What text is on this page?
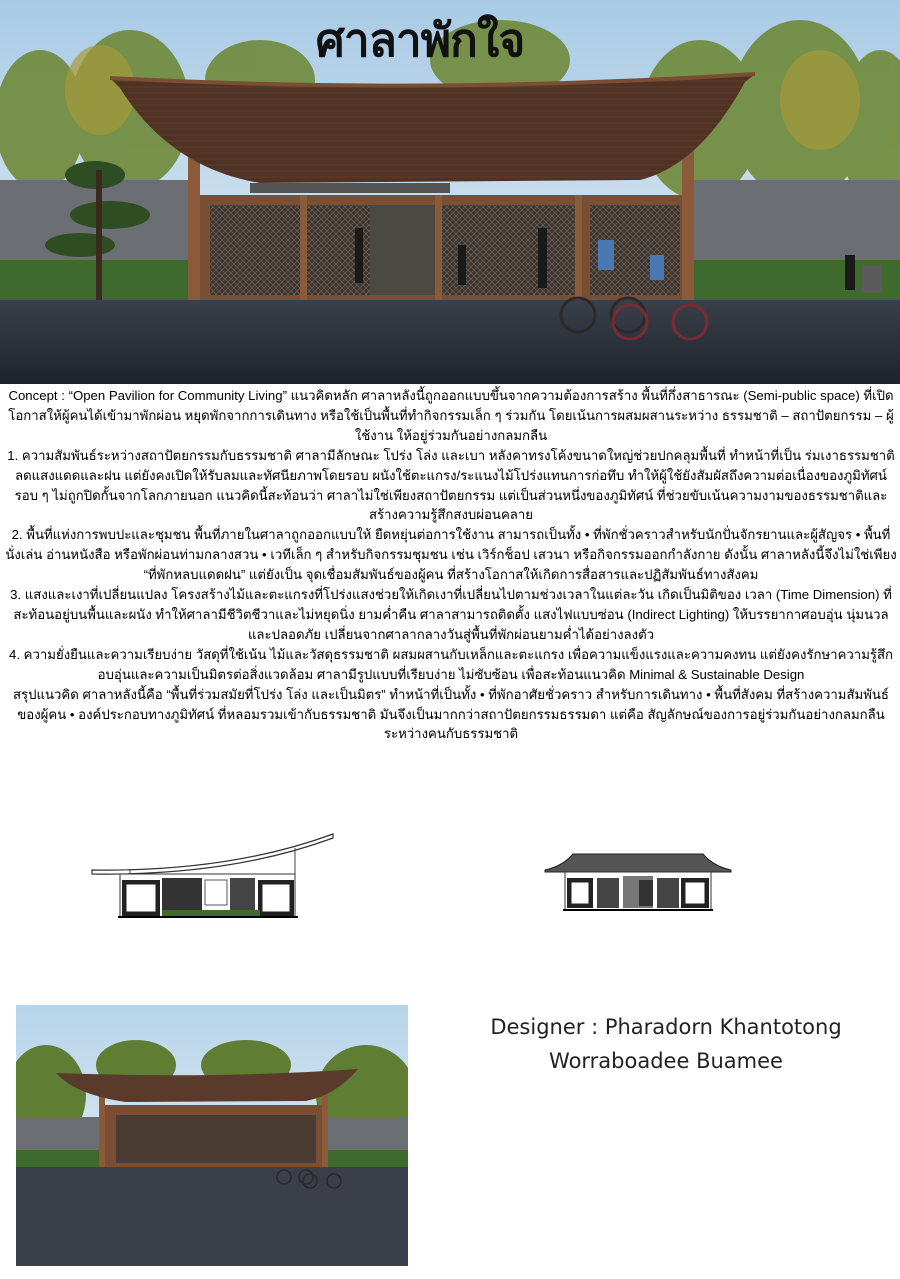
ศาลาพักใจ

Concept : “Open Pavilion for Community Living” แนวคิดหลัก ศาลาหลังนี้ถูกออกแบบขึ้นจากความต้องการสร้าง พื้นที่กึ่งสาธารณะ (Semi-public space) ที่เปิดโอกาสให้ผู้คนได้เข้ามาพักผ่อน หยุดพักจากการเดินทาง หรือใช้เป็นพื้นที่ทำกิจกรรมเล็ก ๆ ร่วมกัน โดยเน้นการผสมผสานระหว่าง ธรรมชาติ – สถาปัตยกรรม – ผู้ใช้งาน ให้อยู่ร่วมกันอย่างกลมกลืน

1. ความสัมพันธ์ระหว่างสถาปัตยกรรมกับธรรมชาติ ศาลามีลักษณะ โปร่ง โล่ง และเบา หลังคาทรงโค้งขนาดใหญ่ช่วยปกคลุมพื้นที่ ทำหน้าที่เป็น ร่มเงาธรรมชาติ ลดแสงแดดและฝน แต่ยังคงเปิดให้รับลมและทัศนียภาพโดยรอบ ผนังใช้ตะแกรง/ระแนงไม้โปร่งแทนการก่อทึบ ทำให้ผู้ใช้ยังสัมผัสถึงความต่อเนื่องของภูมิทัศน์รอบ ๆ ไม่ถูกปิดกั้นจากโลกภายนอก แนวคิดนี้สะท้อนว่า ศาลาไม่ใช่เพียงสถาปัตยกรรม แต่เป็นส่วนหนึ่งของภูมิทัศน์ ที่ช่วยขับเน้นความงามของธรรมชาติและสร้างความรู้สึกสงบผ่อนคลาย

2. พื้นที่แห่งการพบปะและชุมชน พื้นที่ภายในศาลาถูกออกแบบให้ ยืดหยุ่นต่อการใช้งาน สามารถเป็นทั้ง • ที่พักชั่วคราวสำหรับนักปั่นจักรยานและผู้สัญจร • พื้นที่นั่งเล่น อ่านหนังสือ หรือพักผ่อนท่ามกลางสวน • เวทีเล็ก ๆ สำหรับกิจกรรมชุมชน เช่น เวิร์กช็อป เสวนา หรือกิจกรรมออกกำลังกาย ดังนั้น ศาลาหลังนี้จึงไม่ใช่เพียง “ที่พักหลบแดดฝน” แต่ยังเป็น จุดเชื่อมสัมพันธ์ของผู้คน ที่สร้างโอกาสให้เกิดการสื่อสารและปฏิสัมพันธ์ทางสังคม

3. แสงและเงาที่เปลี่ยนแปลง โครงสร้างไม้และตะแกรงที่โปร่งแสงช่วยให้เกิดเงาที่เปลี่ยนไปตามช่วงเวลาในแต่ละวัน เกิดเป็นมิติของ เวลา (Time Dimension) ที่สะท้อนอยู่บนพื้นและผนัง ทำให้ศาลามีชีวิตชีวาและไม่หยุดนิ่ง ยามค่ำคืน ศาลาสามารถติดตั้ง แสงไฟแบบซ่อน (Indirect Lighting) ให้บรรยากาศอบอุ่น นุ่มนวล และปลอดภัย เปลี่ยนจากศาลากลางวันสู่พื้นที่พักผ่อนยามค่ำได้อย่างลงตัว

4. ความยั่งยืนและความเรียบง่าย วัสดุที่ใช้เน้น ไม้และวัสดุธรรมชาติ ผสมผสานกับเหล็กและตะแกรง เพื่อความแข็งแรงและความคงทน แต่ยังคงรักษาความรู้สึกอบอุ่นและความเป็นมิตรต่อสิ่งแวดล้อม ศาลามีรูปแบบที่เรียบง่าย ไม่ซับซ้อน เพื่อสะท้อนแนวคิด Minimal & Sustainable Design

สรุปแนวคิด ศาลาหลังนี้คือ “พื้นที่ร่วมสมัยที่โปร่ง โล่ง และเป็นมิตร” ทำหน้าที่เป็นทั้ง • ที่พักอาศัยชั่วคราว สำหรับการเดินทาง • พื้นที่สังคม ที่สร้างความสัมพันธ์ของผู้คน • องค์ประกอบทางภูมิทัศน์ ที่หลอมรวมเข้ากับธรรมชาติ มันจึงเป็นมากกว่าสถาปัตยกรรมธรรมดา แต่คือ สัญลักษณ์ของการอยู่ร่วมกันอย่างกลมกลืนระหว่างคนกับธรรมชาติ

Designer : Pharadorn Khantotong
Worraboadee Buamee
